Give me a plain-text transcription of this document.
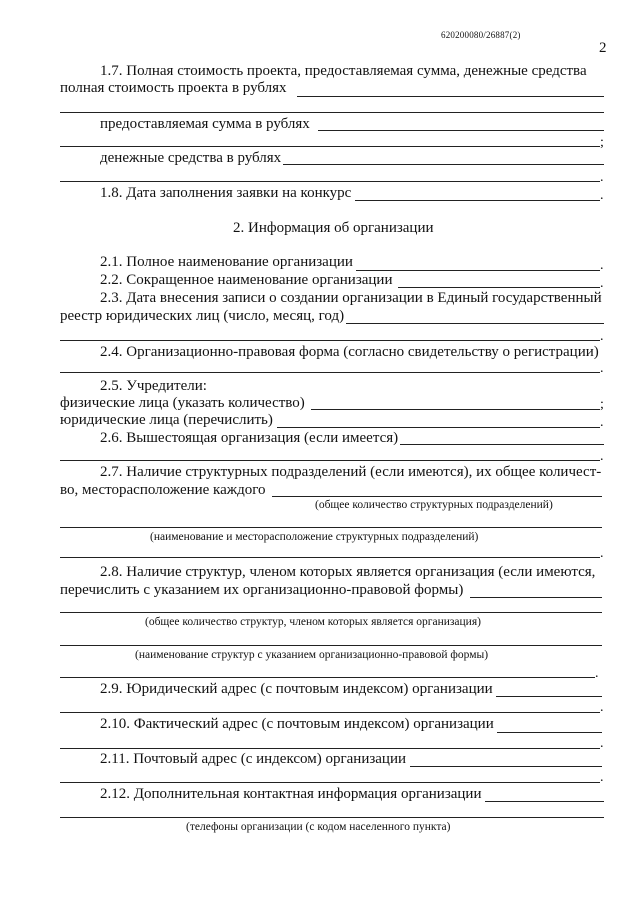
620200080/26887(2)
2
1.7. Полная стоимость проекта, предоставляемая сумма, денежные средства
полная стоимость проекта в рублях
предоставляемая сумма в рублях
;
денежные средства в рублях
.
1.8. Дата заполнения заявки на конкурс	.
2. Информация об организации
2.1. Полное наименование организации	.
2.2. Сокращенное наименование организации	.
2.3. Дата внесения записи о создании организации в Единый государственный
реестр юридических лиц (число, месяц, год)
.
2.4. Организационно-правовая форма (согласно свидетельству о регистрации)
.
2.5. Учредители:
физические лица (указать количество)	;
юридические лица (перечислить)	.
2.6. Вышестоящая организация (если имеется)
.
2.7. Наличие структурных подразделений (если имеются), их общее количест-
во, месторасположение каждого
(общее количество структурных подразделений)
(наименование и месторасположение структурных подразделений)
.
2.8. Наличие структур, членом которых является организация (если имеются,
перечислить с указанием их организационно-правовой формы)
(общее количество структур, членом которых является организация)
(наименование структур с указанием организационно-правовой формы)
.
2.9. Юридический адрес (с почтовым индексом) организации
.
2.10. Фактический адрес (с почтовым индексом) организации
.
2.11. Почтовый адрес (с индексом) организации
.
2.12. Дополнительная контактная информация организации
(телефоны организации (с кодом населенного пункта)
